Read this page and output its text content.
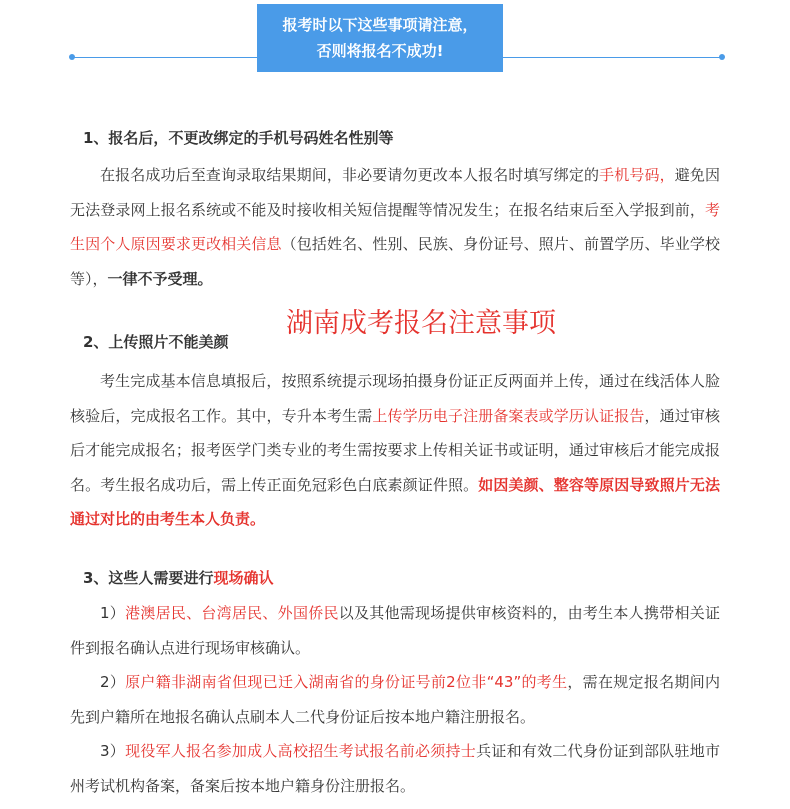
报考时以下这些事项请注意，
否则将报名不成功!
1、报名后，不更改绑定的手机号码姓名性别等

在报名成功后至查询录取结果期间，非必要请勿更改本人报名时填写绑定的手机号码，避免因无法登录网上报名系统或不能及时接收相关短信提醒等情况发生；在报名结束后至入学报到前，考生因个人原因要求更改相关信息（包括姓名、性别、民族、身份证号、照片、前置学历、毕业学校等），一律不予受理。

湖南成考报名注意事项
2、上传照片不能美颜

考生完成基本信息填报后，按照系统提示现场拍摄身份证正反两面并上传，通过在线活体人脸核验后，完成报名工作。其中，专升本考生需上传学历电子注册备案表或学历认证报告，通过审核后才能完成报名；报考医学门类专业的考生需按要求上传相关证书或证明，通过审核后才能完成报名。考生报名成功后，需上传正面免冠彩色白底素颜证件照。如因美颜、整容等原因导致照片无法通过对比的由考生本人负责。

3、这些人需要进行现场确认

1）港澳居民、台湾居民、外国侨民以及其他需现场提供审核资料的，由考生本人携带相关证件到报名确认点进行现场审核确认。

2）原户籍非湖南省但现已迁入湖南省的身份证号前2位非“43”的考生，需在规定报名期间内先到户籍所在地报名确认点刷本人二代身份证后按本地户籍注册报名。

3）现役军人报名参加成人高校招生考试报名前必须持士兵证和有效二代身份证到部队驻地市州考试机构备案，备案后按本地户籍身份注册报名。
